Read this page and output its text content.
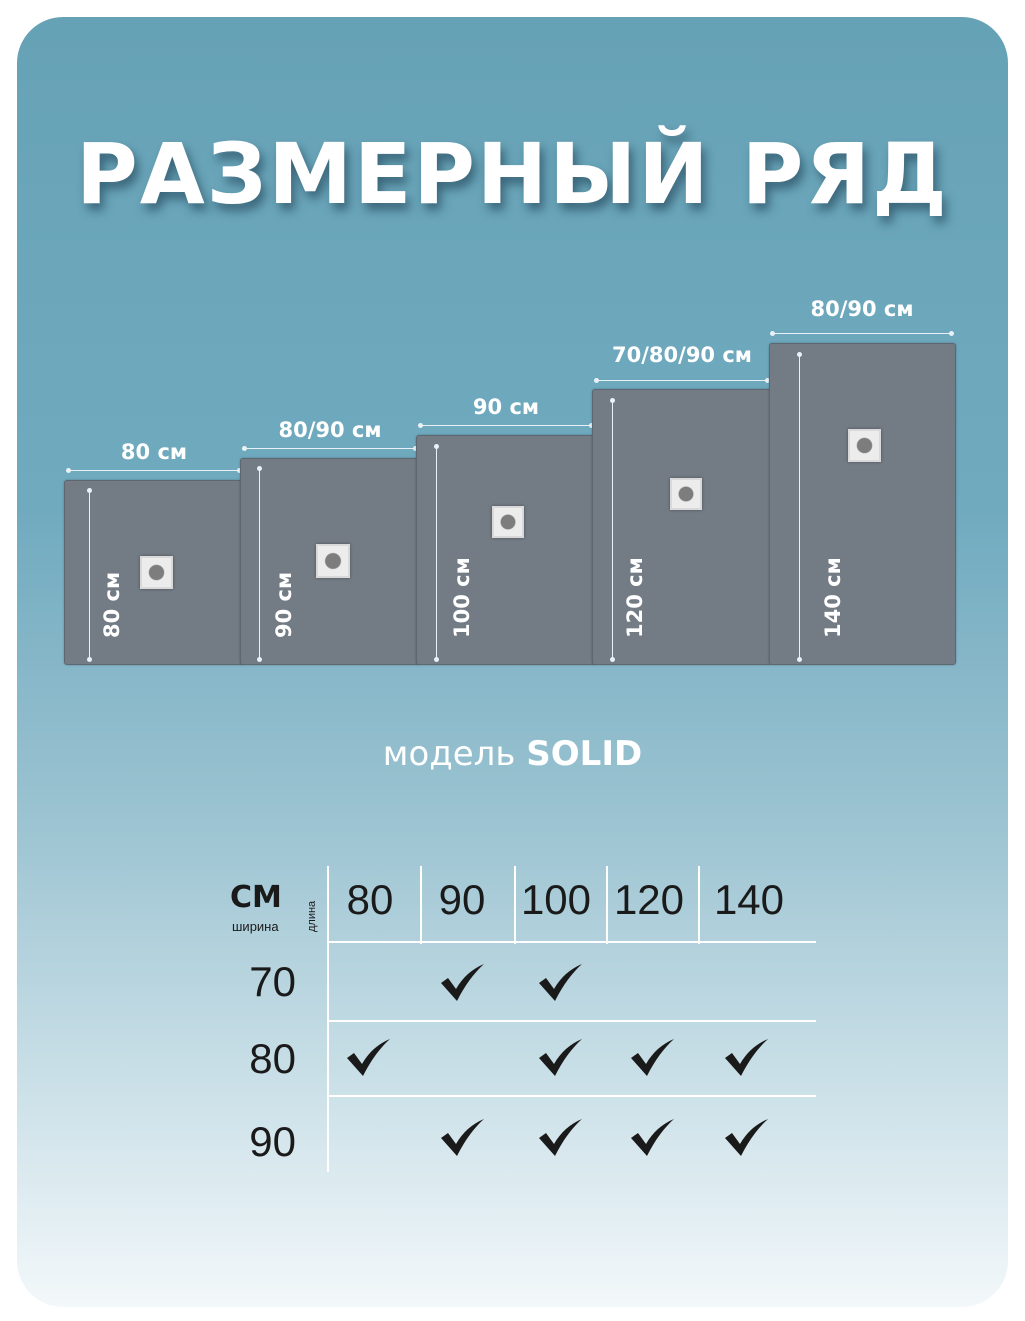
РАЗМЕРНЫЙ РЯД
80 см
80 см
80/90 см
90 см
90 см
100 см
70/80/90 см
120 см
80/90 см
140 см
модель SOLID
СМ
ширина длина 80	90 100 120 140
70
80
90
